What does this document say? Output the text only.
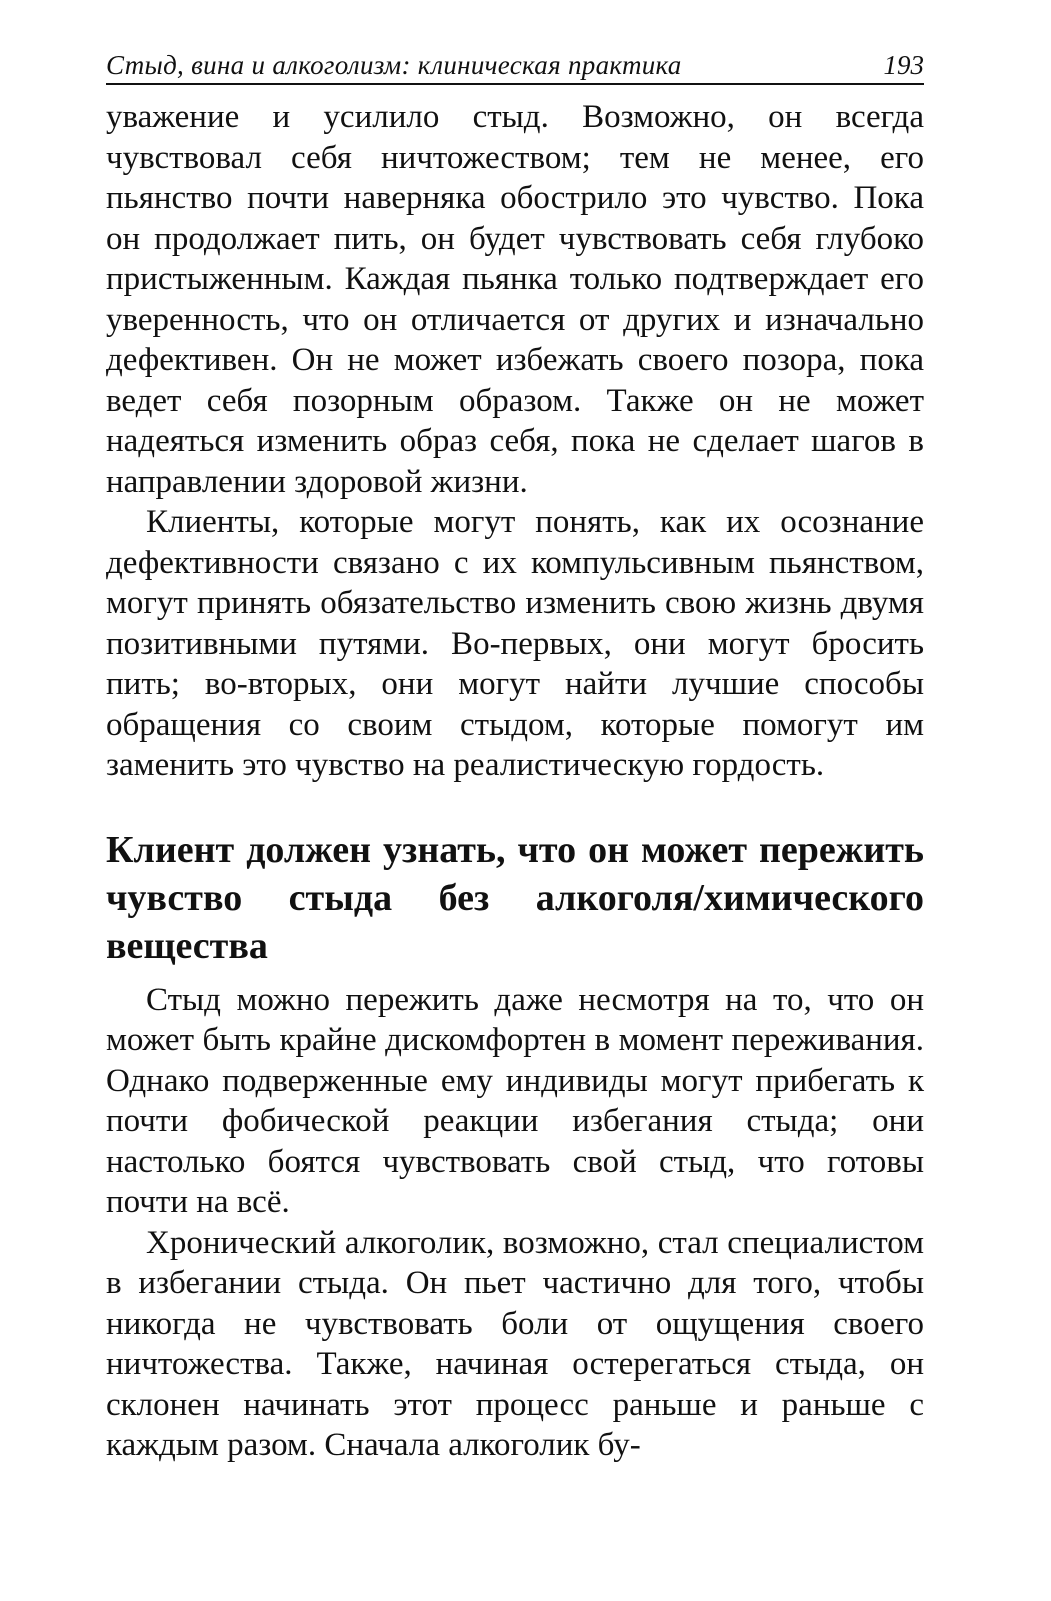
Стыд, вина и алкоголизм: клиническая практика	193

уважение и усилило стыд. Возможно, он всегда чувствовал себя ничтожеством; тем не менее, его пьянство почти наверняка обострило это чувство. Пока он продолжает пить, он будет чувствовать себя глубоко пристыженным. Каждая пьянка только подтверждает его уверенность, что он отличается от других и изначально дефективен. Он не может избежать своего позора, пока ведет себя позорным образом. Также он не может надеяться изменить образ себя, пока не сделает шагов в направлении здоровой жизни.

Клиенты, которые могут понять, как их осознание дефективности связано с их компульсивным пьянством, могут принять обязательство изменить свою жизнь двумя позитивными путями. Во-первых, они могут бросить пить; во-вторых, они могут найти лучшие способы обращения со своим стыдом, которые помогут им заменить это чувство на реалистическую гордость.

Клиент должен узнать, что он может пережить чувство стыда без алкоголя/химического вещества

Стыд можно пережить даже несмотря на то, что он может быть крайне дискомфортен в момент переживания. Однако подверженные ему индивиды могут прибегать к почти фобической реакции избегания стыда; они настолько боятся чувствовать свой стыд, что готовы почти на всё.

Хронический алкоголик, возможно, стал специалистом в избегании стыда. Он пьет частично для того, чтобы никогда не чувствовать боли от ощущения своего ничтожества. Также, начиная остерегаться стыда, он склонен начинать этот процесс раньше и раньше с каждым разом. Сначала алкоголик бу-
